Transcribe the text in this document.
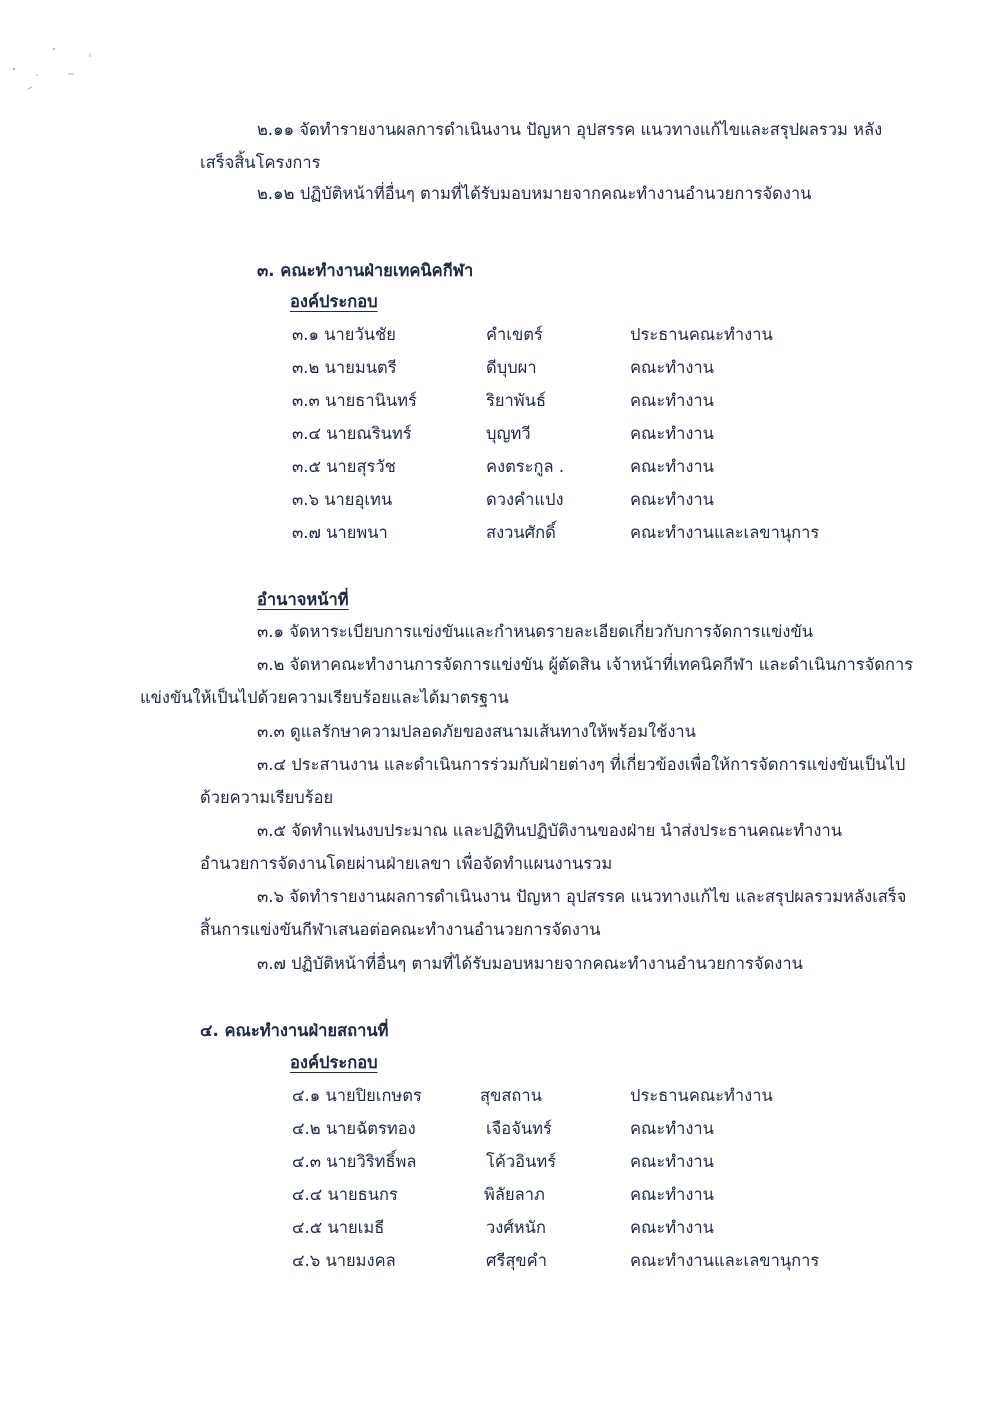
๒.๑๑ จัดทำรายงานผลการดำเนินงาน ปัญหา อุปสรรค แนวทางแก้ไขและสรุปผลรวม หลัง
เสร็จสิ้นโครงการ
๒.๑๒ ปฏิบัติหน้าที่อื่นๆ ตามที่ได้รับมอบหมายจากคณะทำงานอำนวยการจัดงาน
๓. คณะทำงานฝ่ายเทคนิคกีฬา
องค์ประกอบ
๓.๑ นายวันชัย	คำเขตร์	ประธานคณะทำงาน
๓.๒ นายมนตรี	ดีบุบผา	คณะทำงาน
๓.๓ นายธานินทร์	ริยาพันธ์	คณะทำงาน
๓.๔ นายณรินทร์	บุญทวี	คณะทำงาน
๓.๕ นายสุรวัช	คงตระกูล .	คณะทำงาน
๓.๖ นายอุเทน	ดวงคำแปง	คณะทำงาน
๓.๗ นายพนา	สงวนศักดิ์	คณะทำงานและเลขานุการ
อำนาจหน้าที่
๓.๑ จัดหาระเบียบการแข่งขันและกำหนดรายละเอียดเกี่ยวกับการจัดการแข่งขัน
๓.๒ จัดหาคณะทำงานการจัดการแข่งขัน ผู้ตัดสิน เจ้าหน้าที่เทคนิคกีฬา และดำเนินการจัดการ
แข่งขันให้เป็นไปด้วยความเรียบร้อยและได้มาตรฐาน
๓.๓ ดูแลรักษาความปลอดภัยของสนามเส้นทางให้พร้อมใช้งาน
๓.๔ ประสานงาน และดำเนินการร่วมกับฝ่ายต่างๆ ที่เกี่ยวข้องเพื่อให้การจัดการแข่งขันเป็นไป
ด้วยความเรียบร้อย
๓.๕ จัดทำแฟนงบประมาณ และปฏิทินปฏิบัติงานของฝ่าย นำส่งประธานคณะทำงาน
อำนวยการจัดงานโดยผ่านฝ่ายเลขา เพื่อจัดทำแผนงานรวม
๓.๖ จัดทำรายงานผลการดำเนินงาน ปัญหา อุปสรรค แนวทางแก้ไข และสรุปผลรวมหลังเสร็จ
สิ้นการแข่งขันกีฬาเสนอต่อคณะทำงานอำนวยการจัดงาน
๓.๗ ปฏิบัติหน้าที่อื่นๆ ตามที่ได้รับมอบหมายจากคณะทำงานอำนวยการจัดงาน
๔. คณะทำงานฝ่ายสถานที่
องค์ประกอบ
๔.๑ นายปิยเกษตร	สุขสถาน	ประธานคณะทำงาน
๔.๒ นายฉัตรทอง	เจือจันทร์	คณะทำงาน
๔.๓ นายวิริทธิ์พล	โค้วอินทร์	คณะทำงาน
๔.๔ นายธนกร	พิลัยลาภ	คณะทำงาน
๔.๕ นายเมธี	วงศ์หนัก	คณะทำงาน
๔.๖ นายมงคล	ศรีสุขคำ	คณะทำงานและเลขานุการ
